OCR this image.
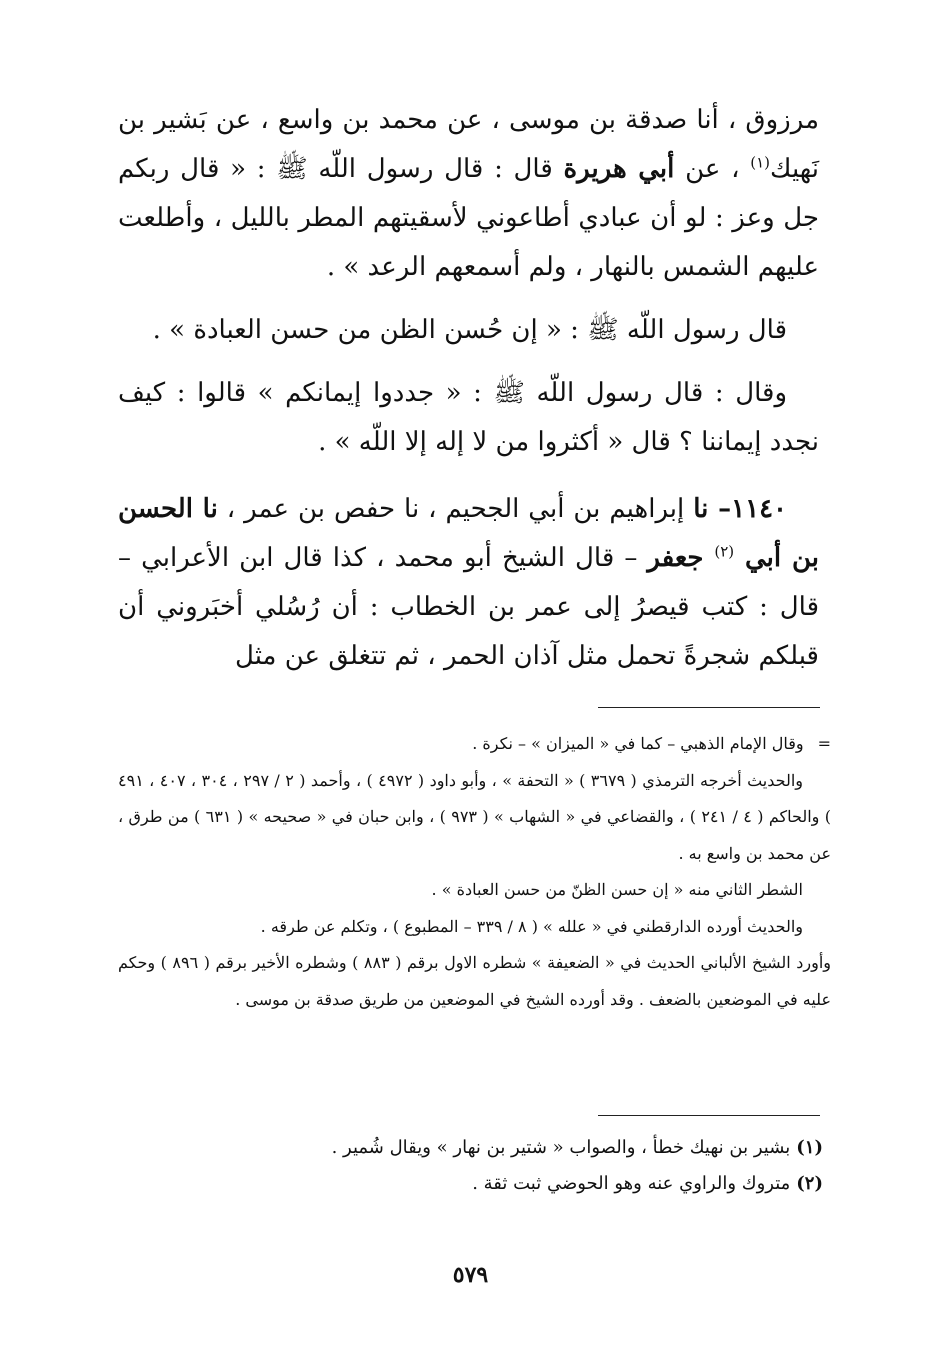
مرزوق ، أنا صدقة بن موسى ، عن محمد بن واسع ، عن بَشير بن نَهيك$^{(١)}$ ، عن أبي هريرة قال : قال رسول اللّه ﷺ : « قال ربكم جل وعز : لو أن عبادي أطاعوني لأسقيتهم المطر بالليل ، وأطلعت عليهم الشمس بالنهار ، ولم أسمعهم الرعد » .

قال رسول اللّه ﷺ : « إن حُسن الظن من حسن العبادة » .

وقال : قال رسول اللّه ﷺ : « جددوا إيمانكم » قالوا : كيف نجدد إيماننا ؟ قال « أكثروا من لا إله إلا اللّه » .

١١٤٠– نا إبراهيم بن أبي الجحيم ، نا حفص بن عمر ، نا الحسن بن أبي $^{(٢)}$ جعفر – قال الشيخ أبو محمد ، كذا قال ابن الأعرابي – قال : كتب قيصرُ إلى عمر بن الخطاب : أن رُسُلي أخبَروني أن قبلكم شجرةً تحمل مثل آذان الحمر ، ثم تتغلق عن مثل

=وقال الإمام الذهبي – كما في « الميزان » – نكرة .

والحديث أخرجه الترمذي ( ٣٦٧٩ ) « التحفة » ، وأبو داود ( ٤٩٧٢ ) ، وأحمد ( ٢ / ٢٩٧ ، ٣٠٤ ، ٤٠٧ ، ٤٩١ ) والحاكم ( ٤ / ٢٤١ ) ، والقضاعي في « الشهاب » ( ٩٧٣ ) ، وابن حبان في « صحيحه » ( ٦٣١ ) من طرق ، عن محمد بن واسع به .

الشطر الثاني منه « إن حسن الظنّ من حسن العبادة » .

والحديث أورده الدارقطني في « علله » ( ٨ / ٣٣٩ – المطبوع ) ، وتكلم عن طرقه .

وأورد الشيخ الألباني الحديث في « الضعيفة » شطره الاول برقم ( ٨٨٣ ) وشطره الأخير برقم ( ٨٩٦ ) وحكم عليه في الموضعين بالضعف . وقد أورده الشيخ في الموضعين من طريق صدقة بن موسى .

(١)بشير بن نهيك خطأ ، والصواب « شتير بن نهار » ويقال شُمير .

(٢)متروك والراوي عنه وهو الحوضي ثبت ثقة .

٥٧٩
